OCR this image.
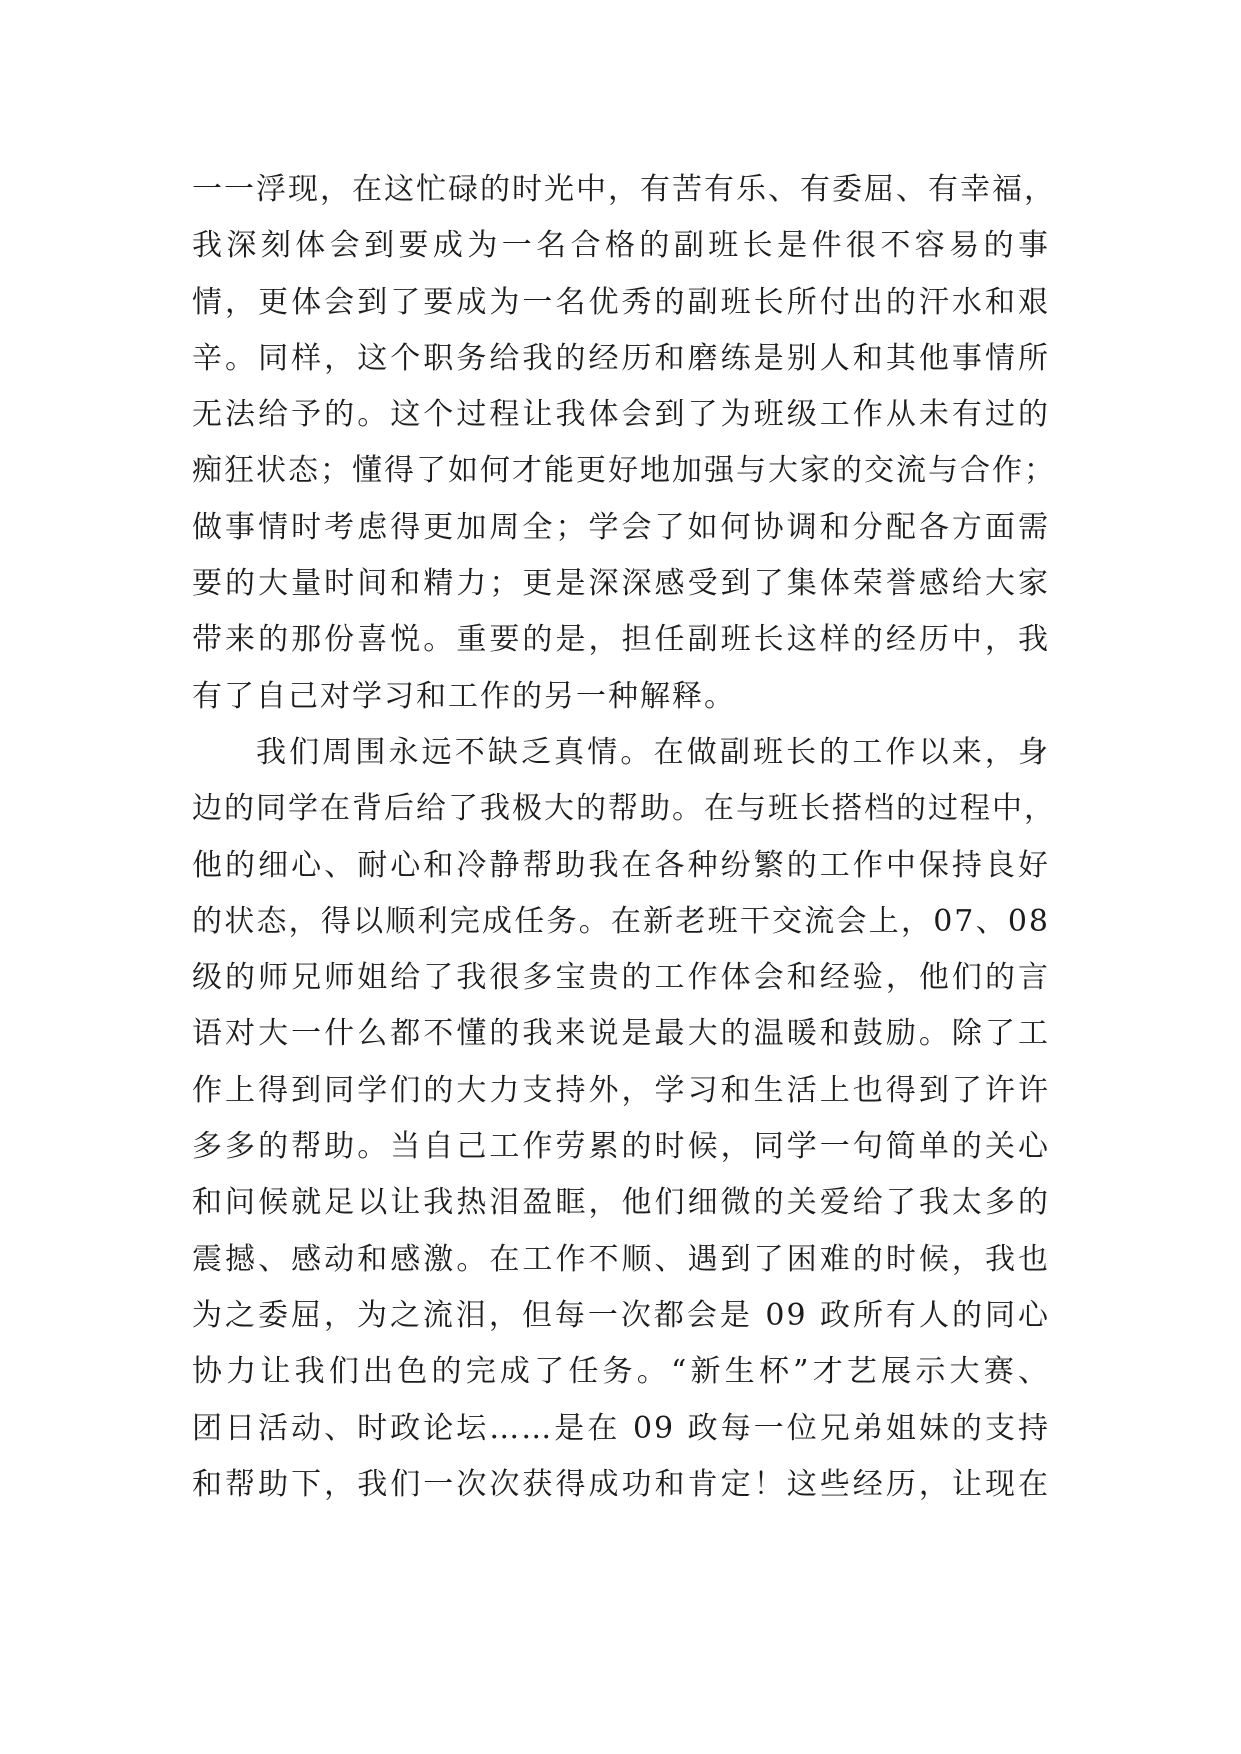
一一浮现，在这忙碌的时光中，有苦有乐、有委屈、有幸福，
我深刻体会到要成为一名合格的副班长是件很不容易的事
情，更体会到了要成为一名优秀的副班长所付出的汗水和艰
辛。同样，这个职务给我的经历和磨练是别人和其他事情所
无法给予的。这个过程让我体会到了为班级工作从未有过的
痴狂状态；懂得了如何才能更好地加强与大家的交流与合作；
做事情时考虑得更加周全；学会了如何协调和分配各方面需
要的大量时间和精力；更是深深感受到了集体荣誉感给大家
带来的那份喜悦。重要的是，担任副班长这样的经历中，我
有了自己对学习和工作的另一种解释。
我们周围永远不缺乏真情。在做副班长的工作以来，身
边的同学在背后给了我极大的帮助。在与班长搭档的过程中，
他的细心、耐心和冷静帮助我在各种纷繁的工作中保持良好
的状态，得以顺利完成任务。在新老班干交流会上，07、08
级的师兄师姐给了我很多宝贵的工作体会和经验，他们的言
语对大一什么都不懂的我来说是最大的温暖和鼓励。除了工
作上得到同学们的大力支持外，学习和生活上也得到了许许
多多的帮助。当自己工作劳累的时候，同学一句简单的关心
和问候就足以让我热泪盈眶，他们细微的关爱给了我太多的
震撼、感动和感激。在工作不顺、遇到了困难的时候，我也
为之委屈，为之流泪，但每一次都会是 09 政所有人的同心
协力让我们出色的完成了任务。“新生杯”才艺展示大赛、
团日活动、时政论坛……是在 09 政每一位兄弟姐妹的支持
和帮助下，我们一次次获得成功和肯定！这些经历，让现在
